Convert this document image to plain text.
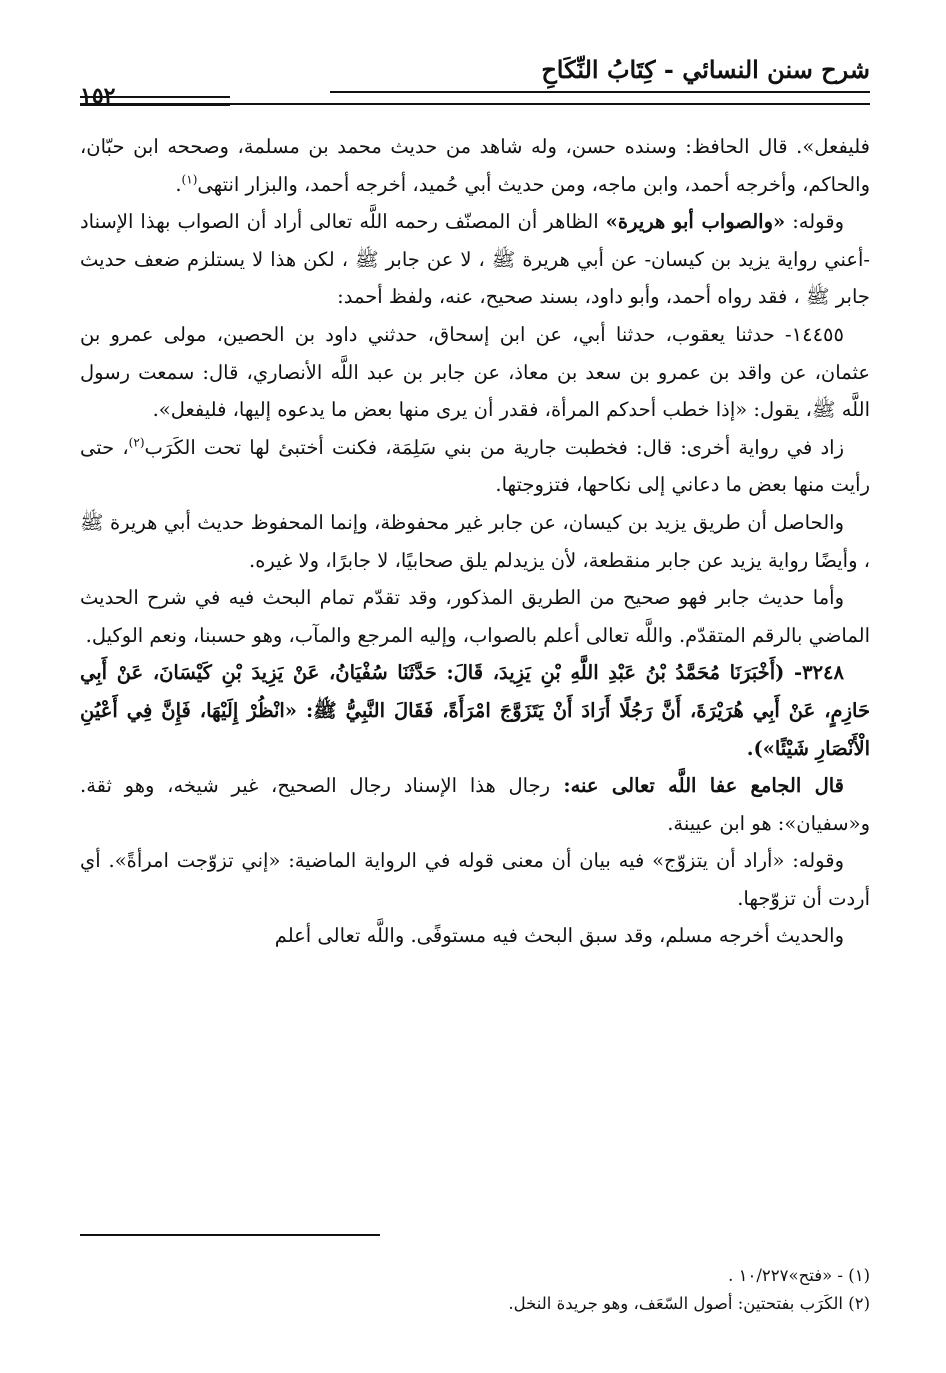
شرح سنن النسائي - كِتَابُ النِّكَاحِ
١٥٢

فليفعل». قال الحافظ: وسنده حسن، وله شاهد من حديث محمد بن مسلمة، وصححه ابن حبّان، والحاكم، وأخرجه أحمد، وابن ماجه، ومن حديث أبي حُميد، أخرجه أحمد، والبزار انتهى$^{(١)}$.

وقوله: «والصواب أبو هريرة» الظاهر أن المصنّف رحمه اللَّه تعالى أراد أن الصواب بهذا الإسناد -أعني رواية يزيد بن كيسان- عن أبي هريرة ﷺ ، لا عن جابر ﷺ ، لكن هذا لا يستلزم ضعف حديث جابر ﷺ ، فقد رواه أحمد، وأبو داود، بسند صحيح، عنه، ولفظ أحمد:

١٤٤٥٥- حدثنا يعقوب، حدثنا أبي، عن ابن إسحاق، حدثني داود بن الحصين، مولى عمرو بن عثمان، عن واقد بن عمرو بن سعد بن معاذ، عن جابر بن عبد اللَّه الأنصاري، قال: سمعت رسول اللَّه ﷺ، يقول: «إذا خطب أحدكم المرأة، فقدر أن يرى منها بعض ما يدعوه إليها، فليفعل».

زاد في رواية أخرى: قال: فخطبت جارية من بني سَلِمَة، فكنت أختبئ لها تحت الكَرَب$^{(٢)}$، حتى رأيت منها بعض ما دعاني إلى نكاحها، فتزوجتها.

والحاصل أن طريق يزيد بن كيسان، عن جابر غير محفوظة، وإنما المحفوظ حديث أبي هريرة ﷺ ، وأيضًا رواية يزيد عن جابر منقطعة، لأن يزيدلم يلق صحابيًا، لا جابرًا، ولا غيره.

وأما حديث جابر فهو صحيح من الطريق المذكور، وقد تقدّم تمام البحث فيه في شرح الحديث الماضي بالرقم المتقدّم. واللَّه تعالى أعلم بالصواب، وإليه المرجع والمآب، وهو حسبنا، ونعم الوكيل.

٣٢٤٨- (أَخْبَرَنَا مُحَمَّدُ بْنُ عَبْدِ اللَّهِ بْنِ يَزِيدَ، قَالَ: حَدَّثَنَا سُفْيَانُ، عَنْ يَزِيدَ بْنِ كَيْسَانَ، عَنْ أَبِي حَازِمٍ، عَنْ أَبِي هُرَيْرَةَ، أَنَّ رَجُلًا أَرَادَ أَنْ يَتَزَوَّجَ امْرَأَةً، فَقَالَ النَّبِيُّ ﷺ: «انْظُرْ إِلَيْهَا، فَإِنَّ فِي أَعْيُنِ الْأَنْصَارِ شَيْئًا»).

قال الجامع عفا اللَّه تعالى عنه: رجال هذا الإسناد رجال الصحيح، غير شيخه، وهو ثقة. و«سفيان»: هو ابن عيينة.

وقوله: «أراد أن يتزوّج» فيه بيان أن معنى قوله في الرواية الماضية: «إني تزوّجت امرأةً». أي أردت أن تزوّجها.

والحديث أخرجه مسلم، وقد سبق البحث فيه مستوفًى. واللَّه تعالى أعلم

(١) - «فتح»١٠/٢٢٧ .

(٢) الكَرَب بفتحتين: أصول السّعَف، وهو جريدة النخل.
